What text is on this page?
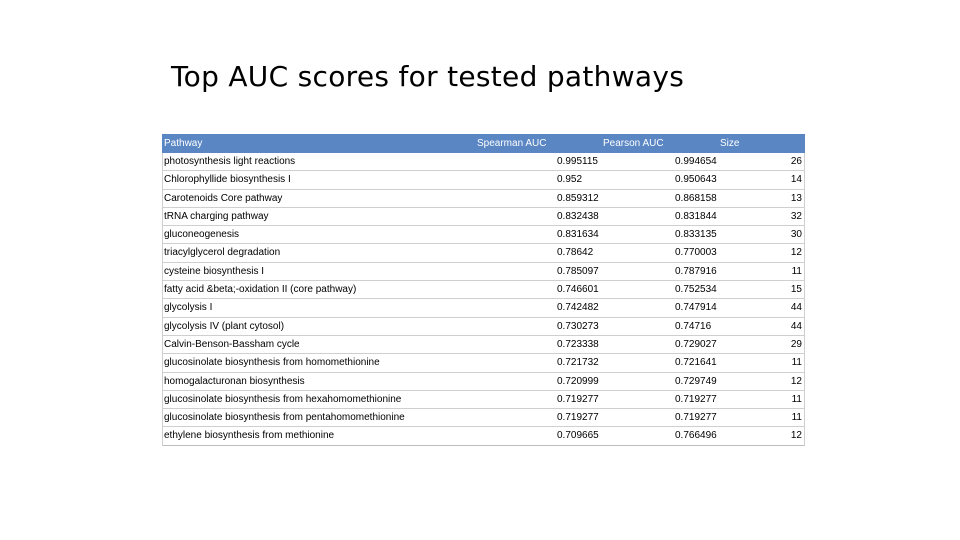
Top AUC scores for tested pathways
Pathway	Spearman AUC	Pearson AUC	Size
photosynthesis light reactions	0.995115	0.994654	26
Chlorophyllide biosynthesis I	0.952	0.950643	14
Carotenoids Core pathway	0.859312	0.868158	13
tRNA charging pathway	0.832438	0.831844	32
gluconeogenesis	0.831634	0.833135	30
triacylglycerol degradation	0.78642	0.770003	12
cysteine biosynthesis I	0.785097	0.787916	11
fatty acid &beta;-oxidation II (core pathway)	0.746601	0.752534	15
glycolysis I	0.742482	0.747914	44
glycolysis IV (plant cytosol)	0.730273	0.74716	44
Calvin-Benson-Bassham cycle	0.723338	0.729027	29
glucosinolate biosynthesis from homomethionine	0.721732	0.721641	11
homogalacturonan biosynthesis	0.720999	0.729749	12
glucosinolate biosynthesis from hexahomomethionine	0.719277	0.719277	11
glucosinolate biosynthesis from pentahomomethionine	0.719277	0.719277	11
ethylene biosynthesis from methionine	0.709665	0.766496	12
